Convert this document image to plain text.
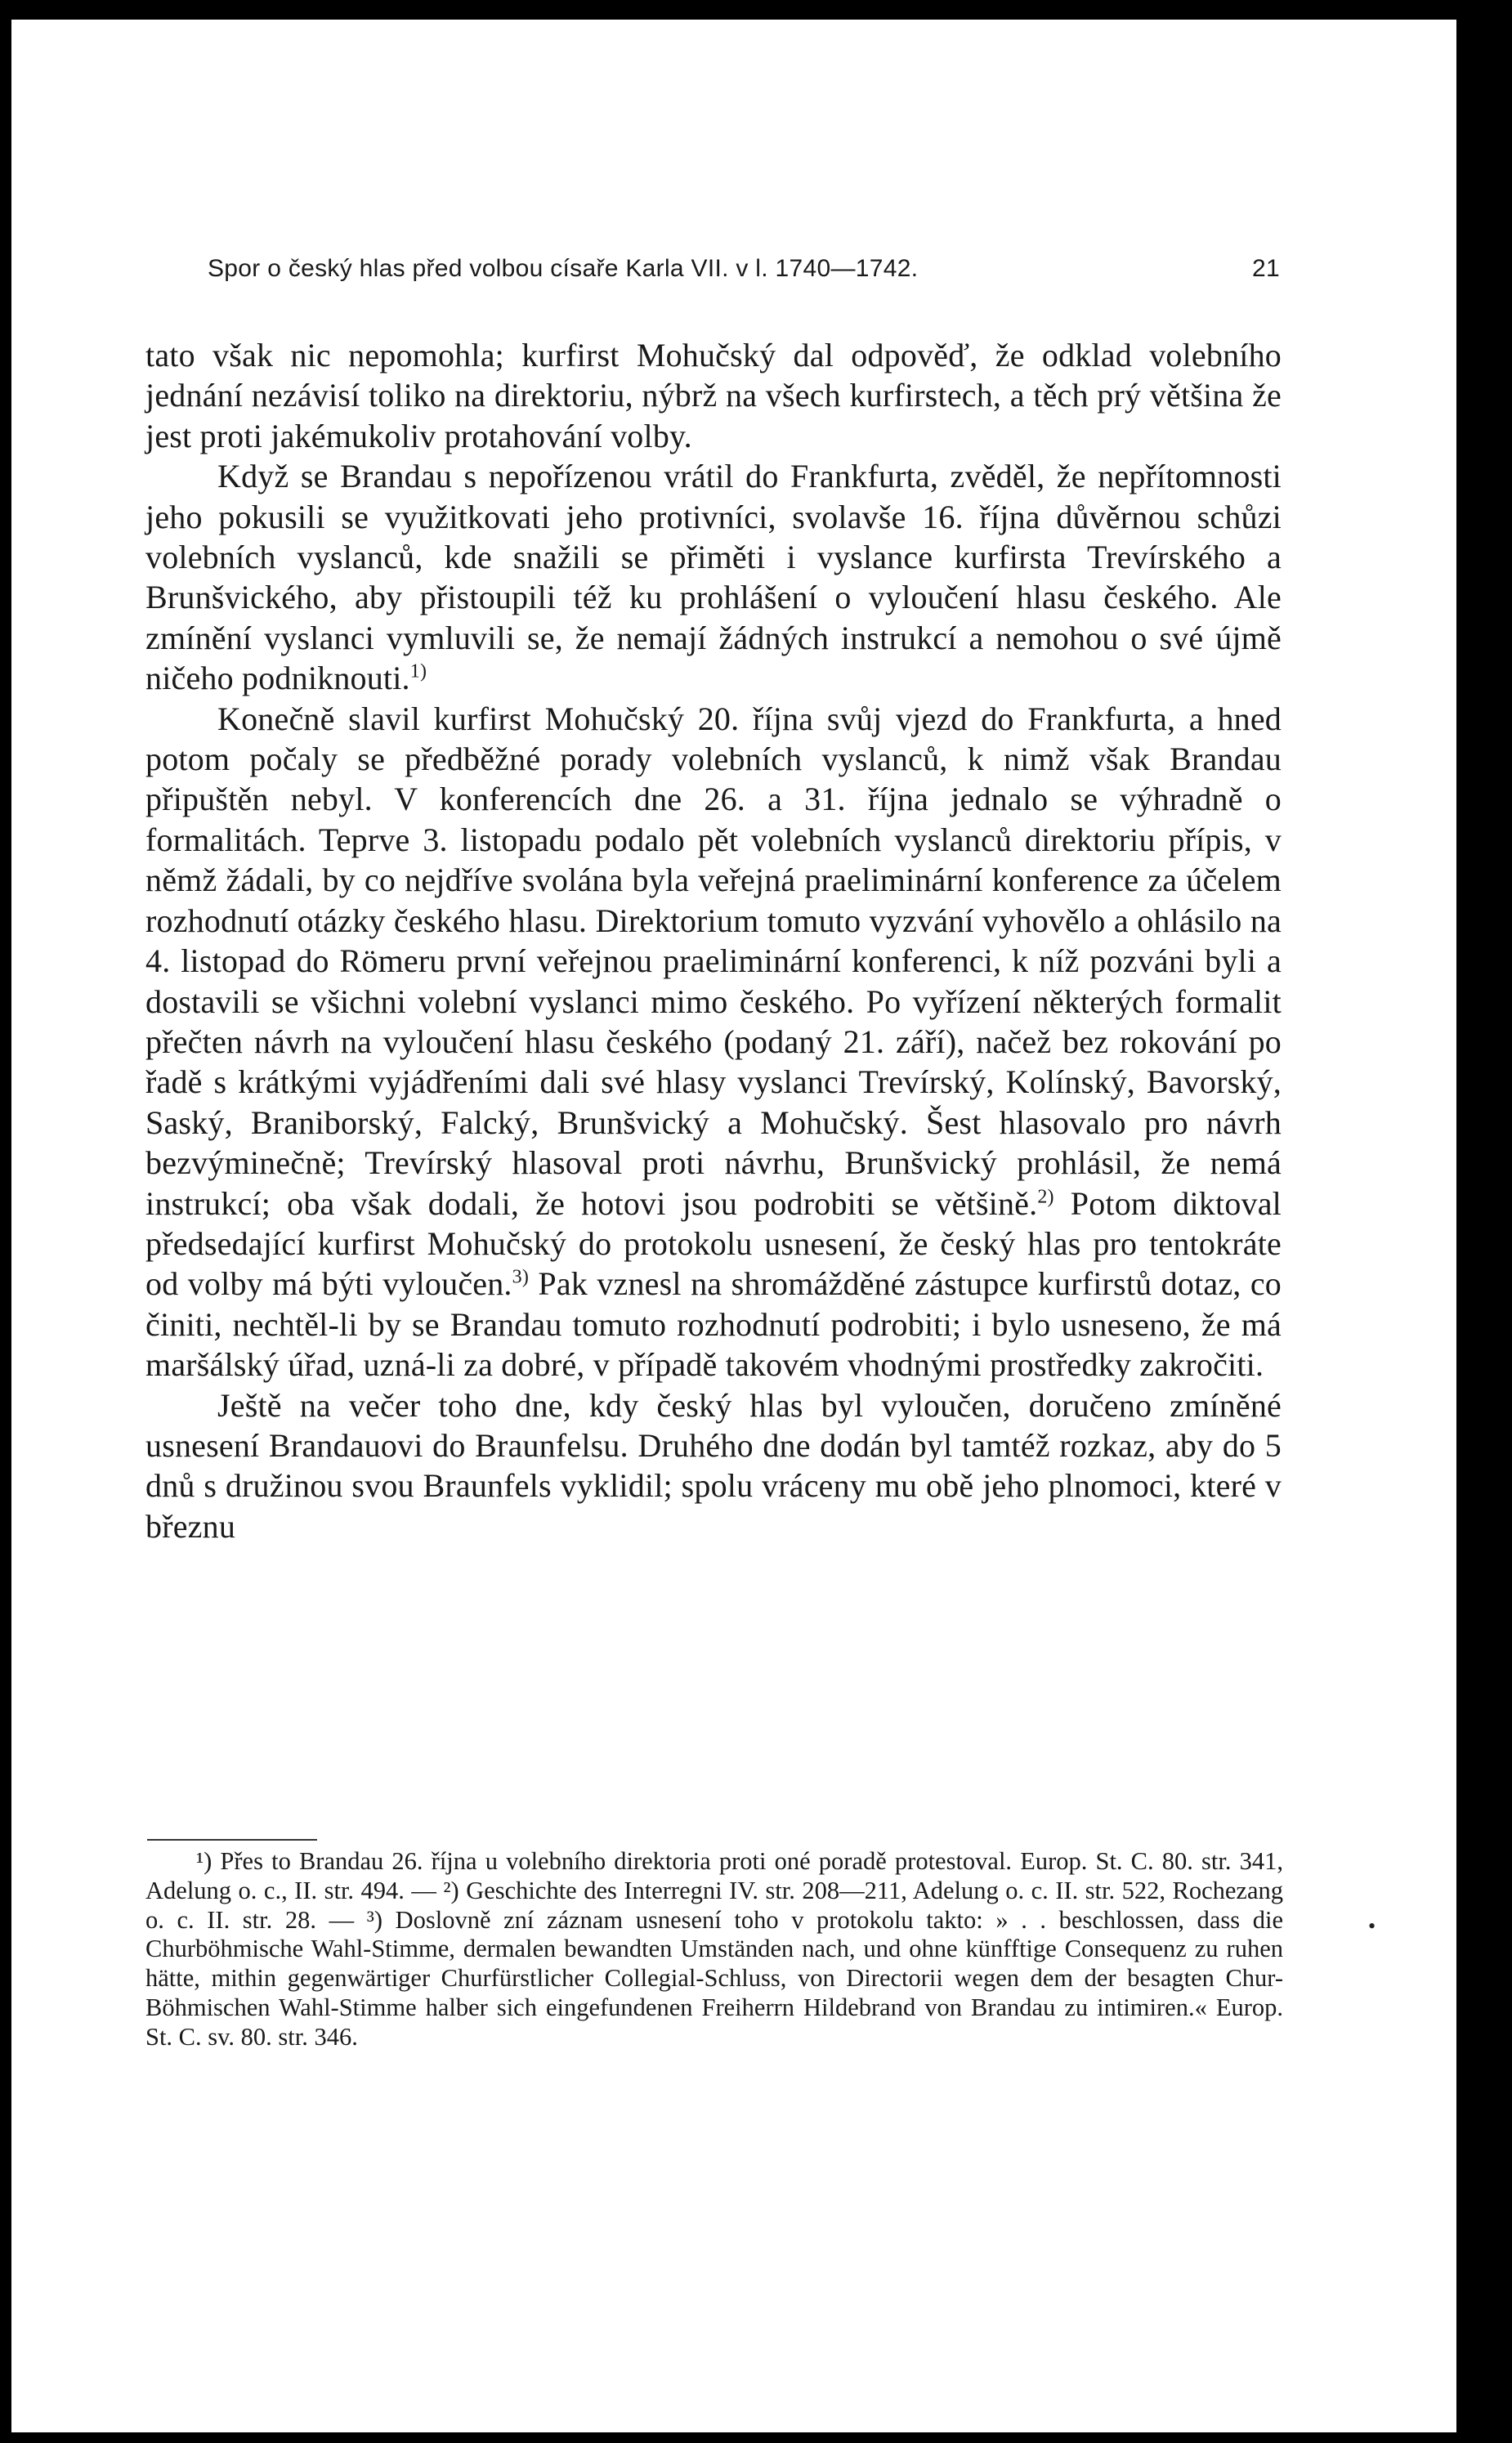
Spor o český hlas před volbou císaře Karla VII. v l. 1740—1742.	21

tato však nic nepomohla; kurfirst Mohučský dal odpověď, že odklad volebního jednání nezávisí toliko na direktoriu, nýbrž na všech kurfirstech, a těch prý většina že jest proti jakémukoliv protahování volby.

Když se Brandau s nepořízenou vrátil do Frankfurta, zvěděl, že nepřítomnosti jeho pokusili se využitkovati jeho protivníci, svolavše 16. října důvěrnou schůzi volebních vyslanců, kde snažili se přiměti i vyslance kurfirsta Trevírského a Brunšvického, aby přistoupili též ku prohlášení o vyloučení hlasu českého. Ale zmínění vyslanci vymluvili se, že nemají žádných instrukcí a nemohou o své újmě ničeho podniknouti.$^{1)}$

Konečně slavil kurfirst Mohučský 20. října svůj vjezd do Frankfurta, a hned potom počaly se předběžné porady volebních vyslanců, k nimž však Brandau připuštěn nebyl. V konferencích dne 26. a 31. října jednalo se výhradně o formalitách. Teprve 3. listopadu podalo pět volebních vyslanců direktoriu přípis, v němž žádali, by co nejdříve svolána byla veřejná praeliminární konference za účelem rozhodnutí otázky českého hlasu. Direktorium tomuto vyzvání vyhovělo a ohlásilo na 4. listopad do Römeru první veřejnou praeliminární konferenci, k níž pozváni byli a dostavili se všichni volební vyslanci mimo českého. Po vyřízení některých formalit přečten návrh na vyloučení hlasu českého (podaný 21. září), načež bez rokování po řadě s krátkými vyjádřeními dali své hlasy vyslanci Trevírský, Kolínský, Bavorský, Saský, Braniborský, Falcký, Brunšvický a Mohučský. Šest hlasovalo pro návrh bezvýminečně; Trevírský hlasoval proti návrhu, Brunšvický prohlásil, že nemá instrukcí; oba však dodali, že hotovi jsou podrobiti se většině.$^{2)}$ Potom diktoval předsedající kurfirst Mohučský do protokolu usnesení, že český hlas pro tentokráte od volby má býti vyloučen.$^{3)}$ Pak vznesl na shromážděné zástupce kurfirstů dotaz, co činiti, nechtěl-li by se Brandau tomuto rozhodnutí podrobiti; i bylo usneseno, že má maršálský úřad, uzná-li za dobré, v případě takovém vhodnými prostředky zakročiti.

Ještě na večer toho dne, kdy český hlas byl vyloučen, doručeno zmíněné usnesení Brandauovi do Braunfelsu. Druhého dne dodán byl tamtéž rozkaz, aby do 5 dnů s družinou svou Braunfels vyklidil; spolu vráceny mu obě jeho plnomoci, které v březnu

¹) Přes to Brandau 26. října u volebního direktoria proti oné poradě protestoval. Europ. St. C. 80. str. 341, Adelung o. c., II. str. 494. — ²) Geschichte des Interregni IV. str. 208—211, Adelung o. c. II. str. 522, Rochezang o. c. II. str. 28. — ³) Doslovně zní záznam usnesení toho v protokolu takto: » . . beschlossen, dass die Churböhmische Wahl-Stimme, dermalen bewandten Umständen nach, und ohne künfftige Consequenz zu ruhen hätte, mithin gegenwärtiger Churfürstlicher Collegial-Schluss, von Directorii wegen dem der besagten Chur-Böhmischen Wahl-Stimme halber sich eingefundenen Freiherrn Hildebrand von Brandau zu intimiren.« Europ. St. C. sv. 80. str. 346.

•
